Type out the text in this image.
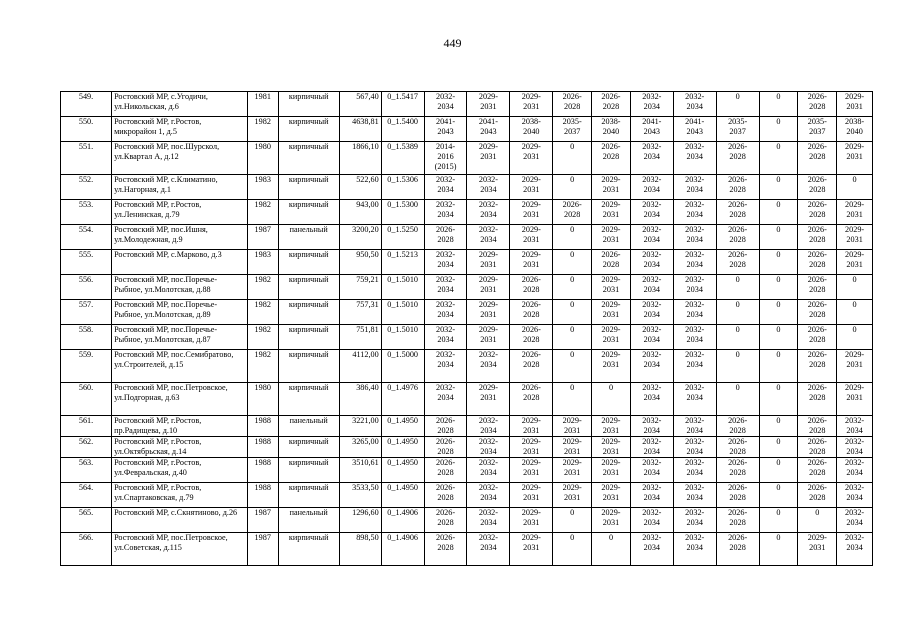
449
549.	Ростовский МР, с.Угодичи, ул.Никольская, д.6	1981	кирпичный	567,40	0_1.5417	2032-
2034	2029-
2031	2029-
2031	2026-
2028	2026-
2028	2032-
2034	2032-
2034	0	0	2026-
2028	2029-
2031
550.	Ростовский МР, г.Ростов, микрорайон 1, д.5	1982	кирпичный	4638,81	0_1.5400	2041-
2043	2041-
2043	2038-
2040	2035-
2037	2038-
2040	2041-
2043	2041-
2043	2035-
2037	0	2035-
2037	2038-
2040
551.	Ростовский МР, пос.Шурскол, ул.Квартал А, д.12	1980	кирпичный	1866,10	0_1.5389	2014-
2016
(2015)	2029-
2031	2029-
2031	0	2026-
2028	2032-
2034	2032-
2034	2026-
2028	0	2026-
2028	2029-
2031
552.	Ростовский МР, с.Климатино, ул.Нагорная, д.1	1983	кирпичный	522,60	0_1.5306	2032-
2034	2032-
2034	2029-
2031	0	2029-
2031	2032-
2034	2032-
2034	2026-
2028	0	2026-
2028	0
553.	Ростовский МР, г.Ростов, ул.Ленинская, д.79	1982	кирпичный	943,00	0_1.5300	2032-
2034	2032-
2034	2029-
2031	2026-
2028	2029-
2031	2032-
2034	2032-
2034	2026-
2028	0	2026-
2028	2029-
2031
554.	Ростовский МР, пос.Ишня, ул.Молодежная, д.9	1987	панельный	3200,20	0_1.5250	2026-
2028	2032-
2034	2029-
2031	0	2029-
2031	2032-
2034	2032-
2034	2026-
2028	0	2026-
2028	2029-
2031
555.	Ростовский МР, с.Марково, д.3	1983	кирпичный	950,50	0_1.5213	2032-
2034	2029-
2031	2029-
2031	0	2026-
2028	2032-
2034	2032-
2034	2026-
2028	0	2026-
2028	2029-
2031
556.	Ростовский МР, пос.Поречье-Рыбное, ул.Молотская, д.88	1982	кирпичный	759,21	0_1.5010	2032-
2034	2029-
2031	2026-
2028	0	2029-
2031	2032-
2034	2032-
2034	0	0	2026-
2028	0
557.	Ростовский МР, пос.Поречье-Рыбное, ул.Молотская, д.89	1982	кирпичный	757,31	0_1.5010	2032-
2034	2029-
2031	2026-
2028	0	2029-
2031	2032-
2034	2032-
2034	0	0	2026-
2028	0
558.	Ростовский МР, пос.Поречье-Рыбное, ул.Молотская, д.87	1982	кирпичный	751,81	0_1.5010	2032-
2034	2029-
2031	2026-
2028	0	2029-
2031	2032-
2034	2032-
2034	0	0	2026-
2028	0
559.	Ростовский МР, пос.Семибратово, ул.Строителей, д.15	1982	кирпичный	4112,00	0_1.5000	2032-
2034	2032-
2034	2026-
2028	0	2029-
2031	2032-
2034	2032-
2034	0	0	2026-
2028	2029-
2031
560.	Ростовский МР, пос.Петровское, ул.Подгорная, д.63	1980	кирпичный	386,40	0_1.4976	2032-
2034	2029-
2031	2026-
2028	0	0	2032-
2034	2032-
2034	0	0	2026-
2028	2029-
2031
561.	Ростовский МР, г.Ростов, пр.Радищева, д.10	1988	панельный	3221,00	0_1.4950	2026-
2028	2032-
2034	2029-
2031	2029-
2031	2029-
2031	2032-
2034	2032-
2034	2026-
2028	0	2026-
2028	2032-
2034
562.	Ростовский МР, г.Ростов, ул.Октябрьская, д.14	1988	кирпичный	3265,00	0_1.4950	2026-
2028	2032-
2034	2029-
2031	2029-
2031	2029-
2031	2032-
2034	2032-
2034	2026-
2028	0	2026-
2028	2032-
2034
563.	Ростовский МР, г.Ростов, ул.Февральская, д.40	1988	кирпичный	3510,61	0_1.4950	2026-
2028	2032-
2034	2029-
2031	2029-
2031	2029-
2031	2032-
2034	2032-
2034	2026-
2028	0	2026-
2028	2032-
2034
564.	Ростовский МР, г.Ростов, ул.Спартаковская, д.79	1988	кирпичный	3533,50	0_1.4950	2026-
2028	2032-
2034	2029-
2031	2029-
2031	2029-
2031	2032-
2034	2032-
2034	2026-
2028	0	2026-
2028	2032-
2034
565.	Ростовский МР, с.Скнятиново, д.26	1987	панельный	1296,60	0_1.4906	2026-
2028	2032-
2034	2029-
2031	0	2029-
2031	2032-
2034	2032-
2034	2026-
2028	0	0	2032-
2034
566.	Ростовский МР, пос.Петровское, ул.Советская, д.115	1987	кирпичный	898,50	0_1.4906	2026-
2028	2032-
2034	2029-
2031	0	0	2032-
2034	2032-
2034	2026-
2028	0	2029-
2031	2032-
2034
